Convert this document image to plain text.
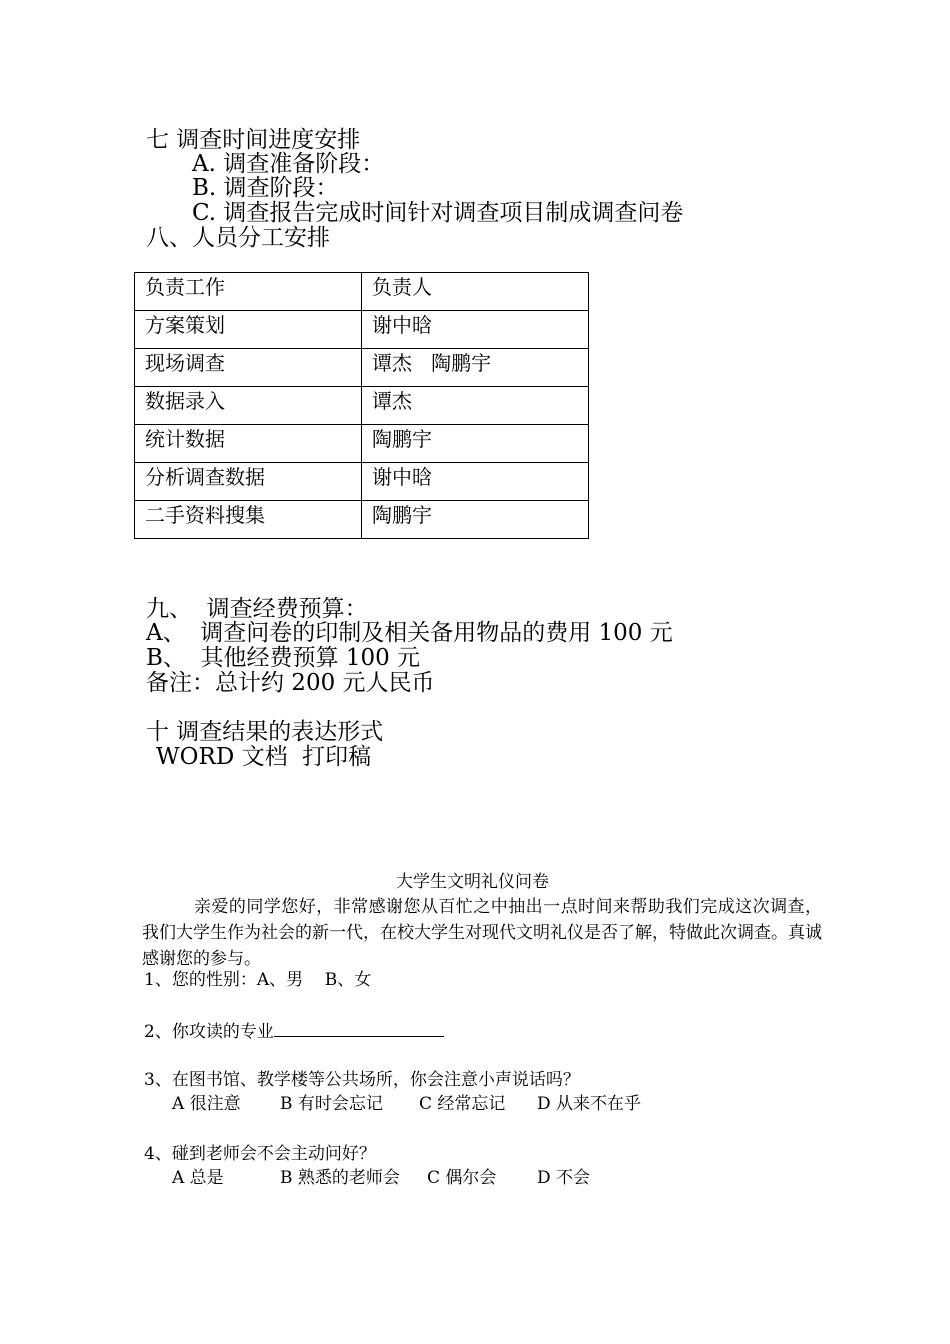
七 调查时间进度安排
A. 调查准备阶段：
B. 调查阶段：
C. 调查报告完成时间针对调查项目制成调查问卷
八、人员分工安排
负责工作	负责人
方案策划	谢中晗
现场调查	谭杰   陶鹏宇
数据录入	谭杰
统计数据	陶鹏宇
分析调查数据	谢中晗
二手资料搜集	陶鹏宇
九、  调查经费预算：
A、  调查问卷的印制及相关备用物品的费用 100 元
B、  其他经费预算 100 元
备注：总计约 200 元人民币
十 调查结果的表达形式
WORD 文档  打印稿
大学生文明礼仪问卷
亲爱的同学您好，非常感谢您从百忙之中抽出一点时间来帮助我们完成这次调查，我们大学生作为社会的新一代，在校大学生对现代文明礼仪是否了解，特做此次调查。真诚感谢您的参与。
1、您的性别：A、男    B、女
2、你攻读的专业
3、在图书馆、教学楼等公共场所，你会注意小声说话吗？
A 很注意 B 有时会忘记 C 经常忘记 D 从来不在乎
4、碰到老师会不会主动问好？
A 总是	B 熟悉的老师会 C 偶尔会 D 不会
